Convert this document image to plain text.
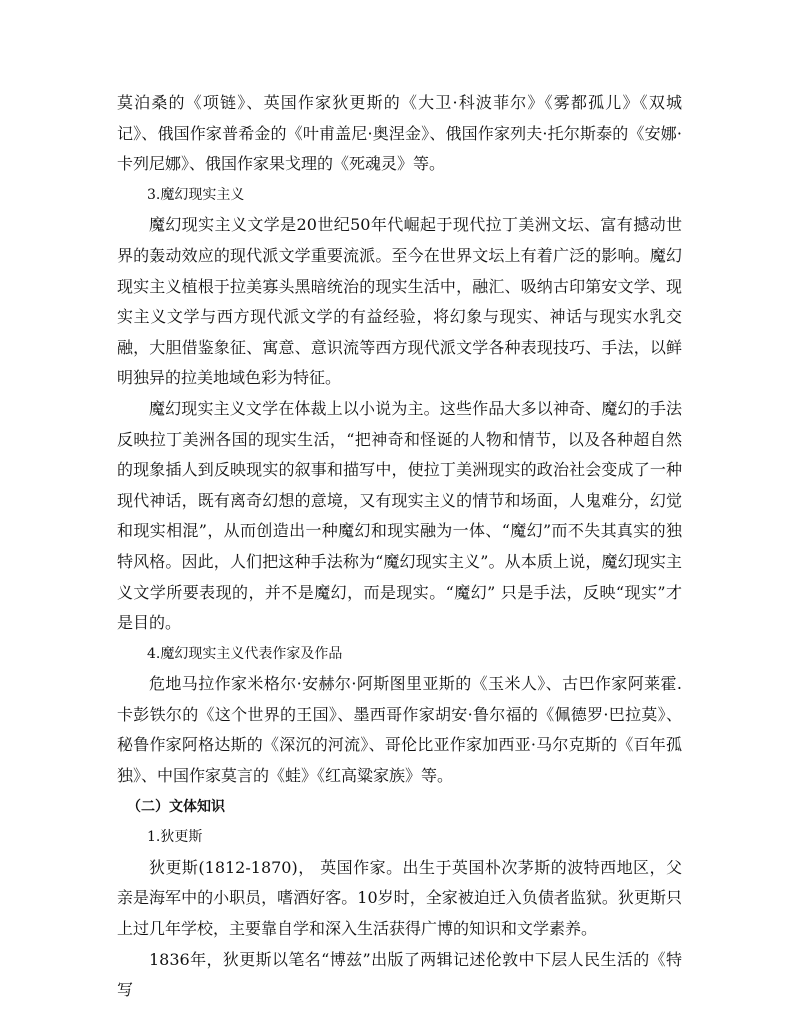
莫泊桑的《项链》、英国作家狄更斯的《大卫·科波菲尔》《雾都孤儿》《双城记》、俄国作家普希金的《叶甫盖尼·奥涅金》、俄国作家列夫·托尔斯泰的《安娜·卡列尼娜》、俄国作家果戈理的《死魂灵》等。

3.魔幻现实主义

魔幻现实主义文学是20世纪50年代崛起于现代拉丁美洲文坛、富有撼动世界的轰动效应的现代派文学重要流派。至今在世界文坛上有着广泛的影响。魔幻现实主义植根于拉美寡头黑暗统治的现实生活中，融汇、吸纳古印第安文学、现实主义文学与西方现代派文学的有益经验，将幻象与现实、神话与现实水乳交融，大胆借鉴象征、寓意、意识流等西方现代派文学各种表现技巧、手法，以鲜明独异的拉美地域色彩为特征。

魔幻现实主义文学在体裁上以小说为主。这些作品大多以神奇、魔幻的手法反映拉丁美洲各国的现实生活，“把神奇和怪诞的人物和情节，以及各种超自然的现象插人到反映现实的叙事和描写中，使拉丁美洲现实的政治社会变成了一种现代神话，既有离奇幻想的意境，又有现实主义的情节和场面，人鬼难分，幻觉和现实相混”，从而创造出一种魔幻和现实融为一体、“魔幻”而不失其真实的独特风格。因此，人们把这种手法称为“魔幻现实主义”。从本质上说，魔幻现实主义文学所要表现的，并不是魔幻，而是现实。“魔幻” 只是手法，反映“现实”才是目的。

4.魔幻现实主义代表作家及作品

危地马拉作家米格尔·安赫尔·阿斯图里亚斯的《玉米人》、古巴作家阿莱霍.卡彭铁尔的《这个世界的王国》、墨西哥作家胡安·鲁尔福的《佩德罗·巴拉莫》、秘鲁作家阿格达斯的《深沉的河流》、哥伦比亚作家加西亚·马尔克斯的《百年孤独》、中国作家莫言的《蛙》《红高粱家族》等。

（二）文体知识

1.狄更斯

狄更斯(1812-1870)， 英国作家。出生于英国朴次茅斯的波特西地区，父亲是海军中的小职员，嗜酒好客。10岁时，全家被迫迁入负债者监狱。狄更斯只上过几年学校，主要靠自学和深入生活获得广博的知识和文学素养。

1836年，狄更斯以笔名“博兹”出版了两辑记述伦敦中下层人民生活的《特写
